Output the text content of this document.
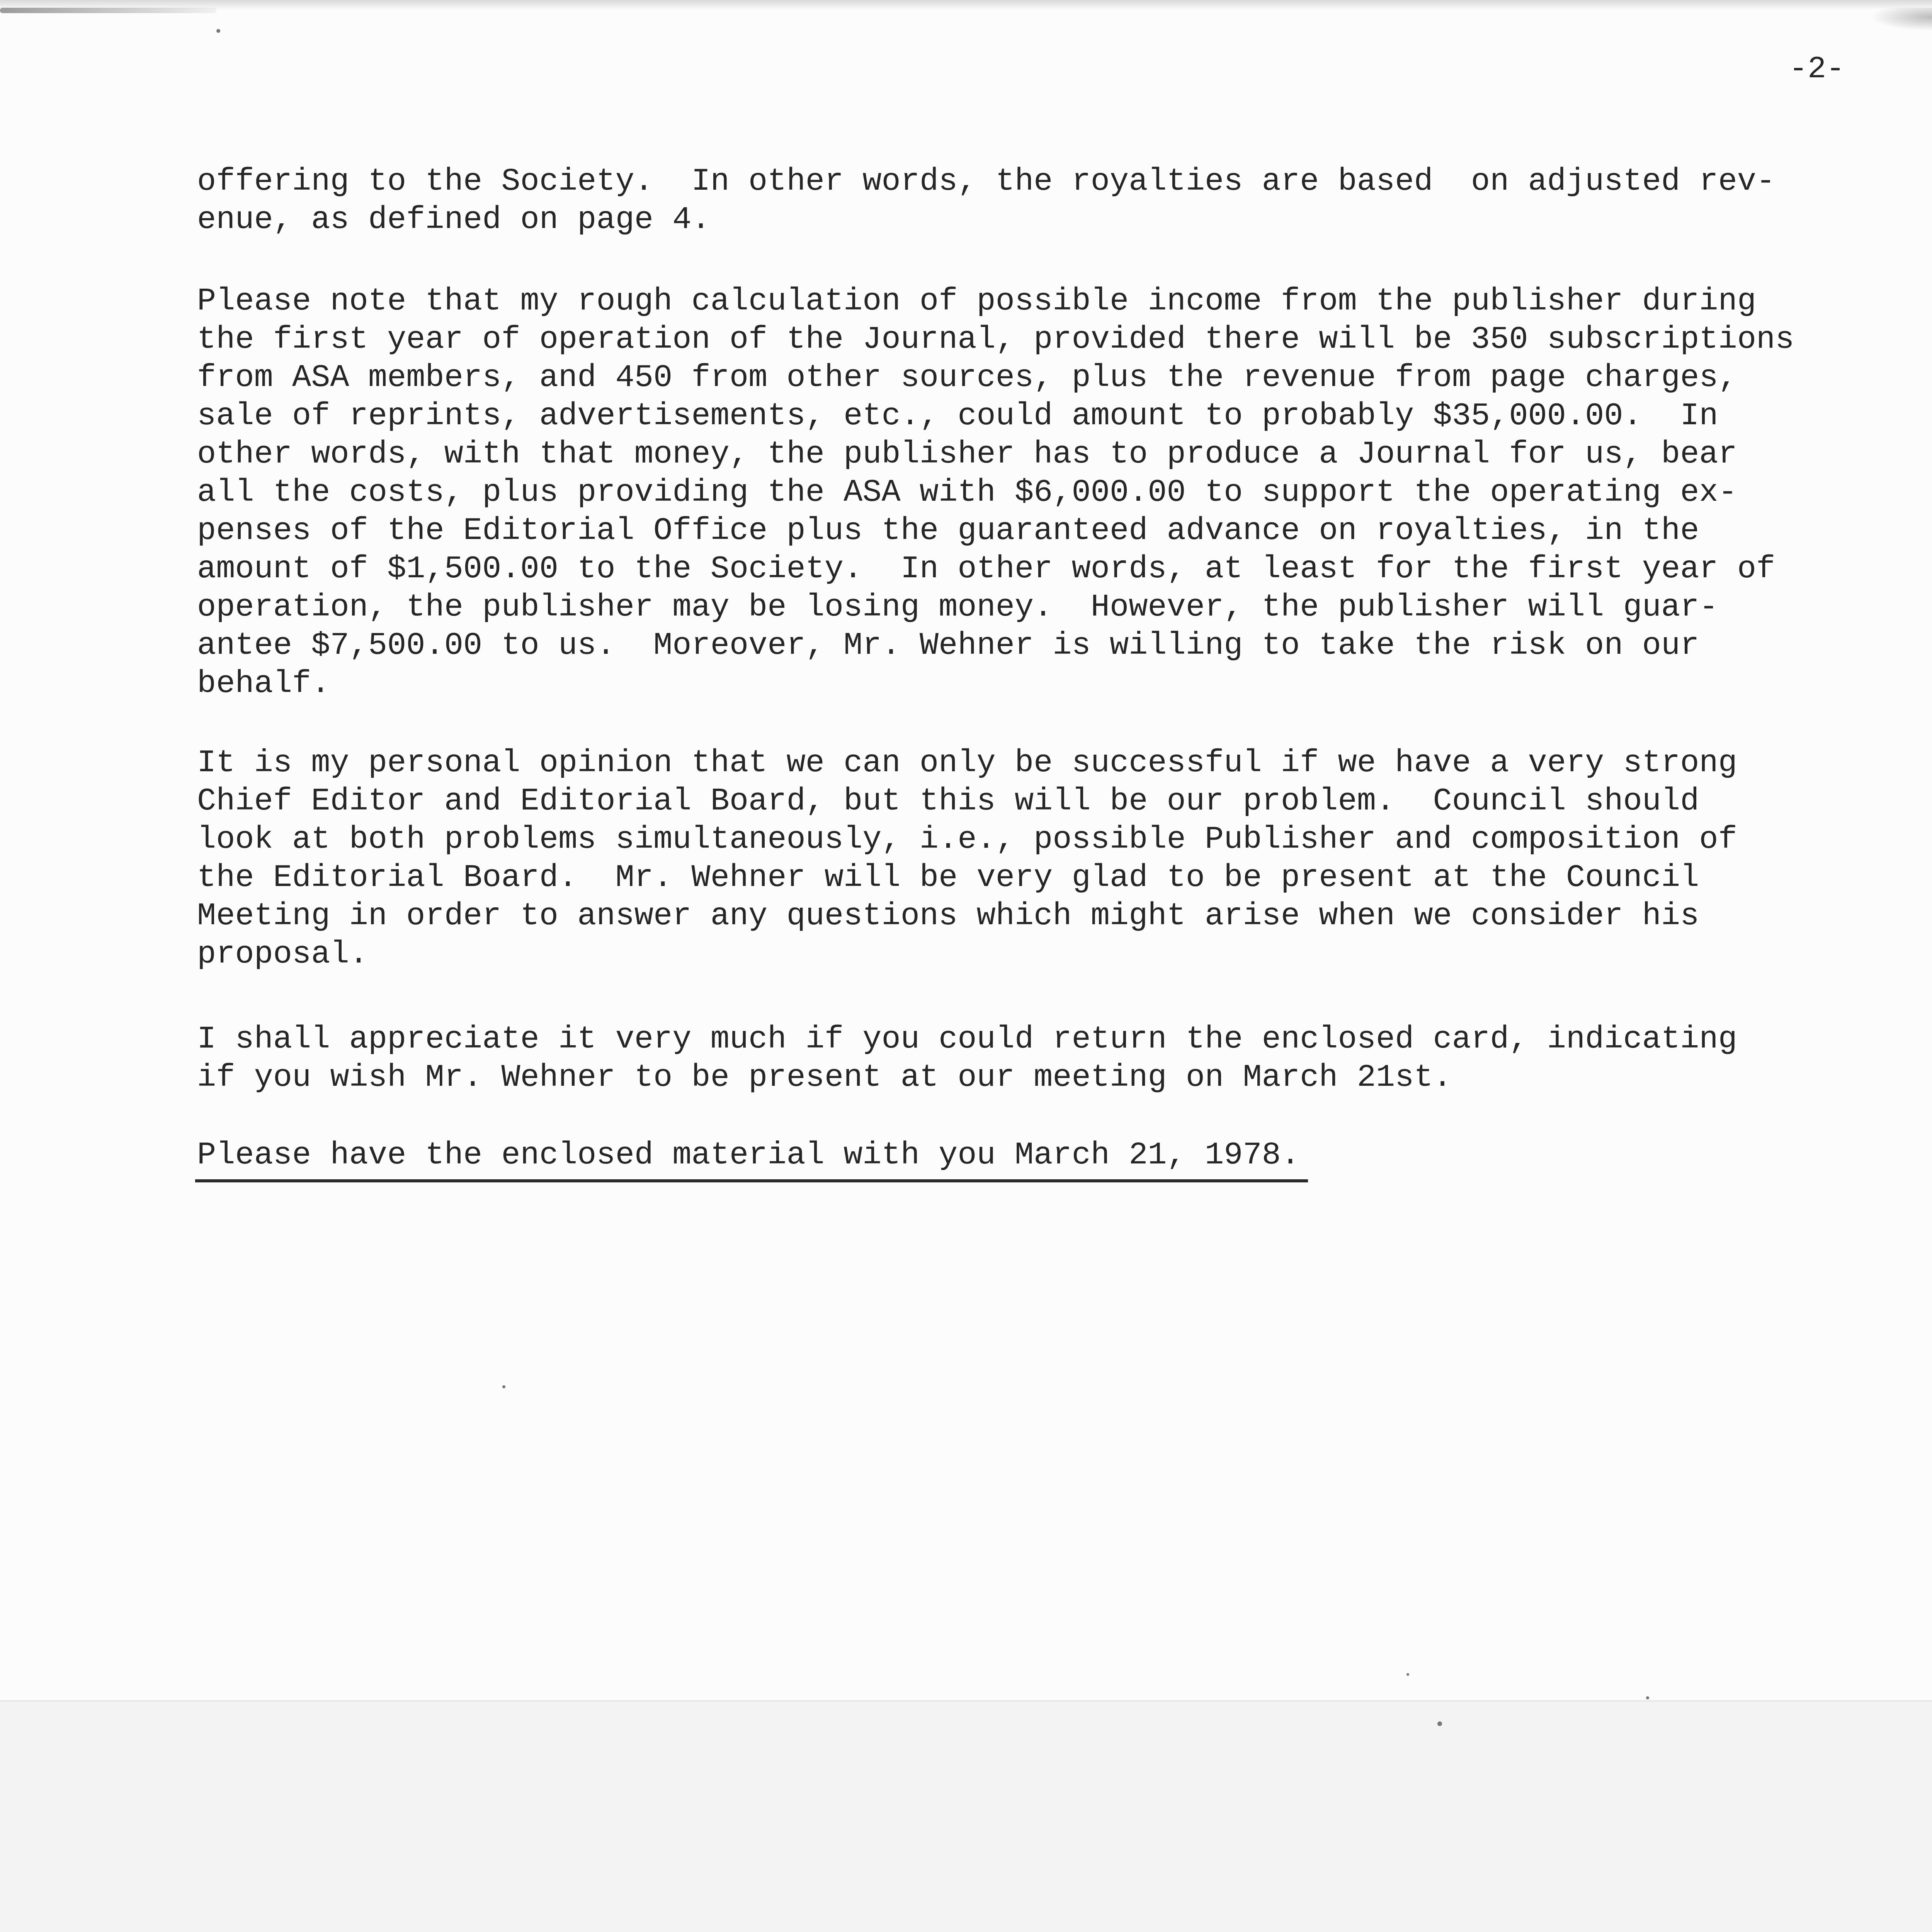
-2-

offering to the Society.  In other words, the royalties are based  on adjusted rev-
enue, as defined on page 4.

Please note that my rough calculation of possible income from the publisher during
the first year of operation of the Journal, provided there will be 350 subscriptions
from ASA members, and 450 from other sources, plus the revenue from page charges,
sale of reprints, advertisements, etc., could amount to probably $35,000.00.  In
other words, with that money, the publisher has to produce a Journal for us, bear
all the costs, plus providing the ASA with $6,000.00 to support the operating ex-
penses of the Editorial Office plus the guaranteed advance on royalties, in the
amount of $1,500.00 to the Society.  In other words, at least for the first year of
operation, the publisher may be losing money.  However, the publisher will guar-
antee $7,500.00 to us.  Moreover, Mr. Wehner is willing to take the risk on our
behalf.

It is my personal opinion that we can only be successful if we have a very strong
Chief Editor and Editorial Board, but this will be our problem.  Council should
look at both problems simultaneously, i.e., possible Publisher and composition of
the Editorial Board.  Mr. Wehner will be very glad to be present at the Council
Meeting in order to answer any questions which might arise when we consider his
proposal.

I shall appreciate it very much if you could return the enclosed card, indicating
if you wish Mr. Wehner to be present at our meeting on March 21st.

Please have the enclosed material with you March 21, 1978.
